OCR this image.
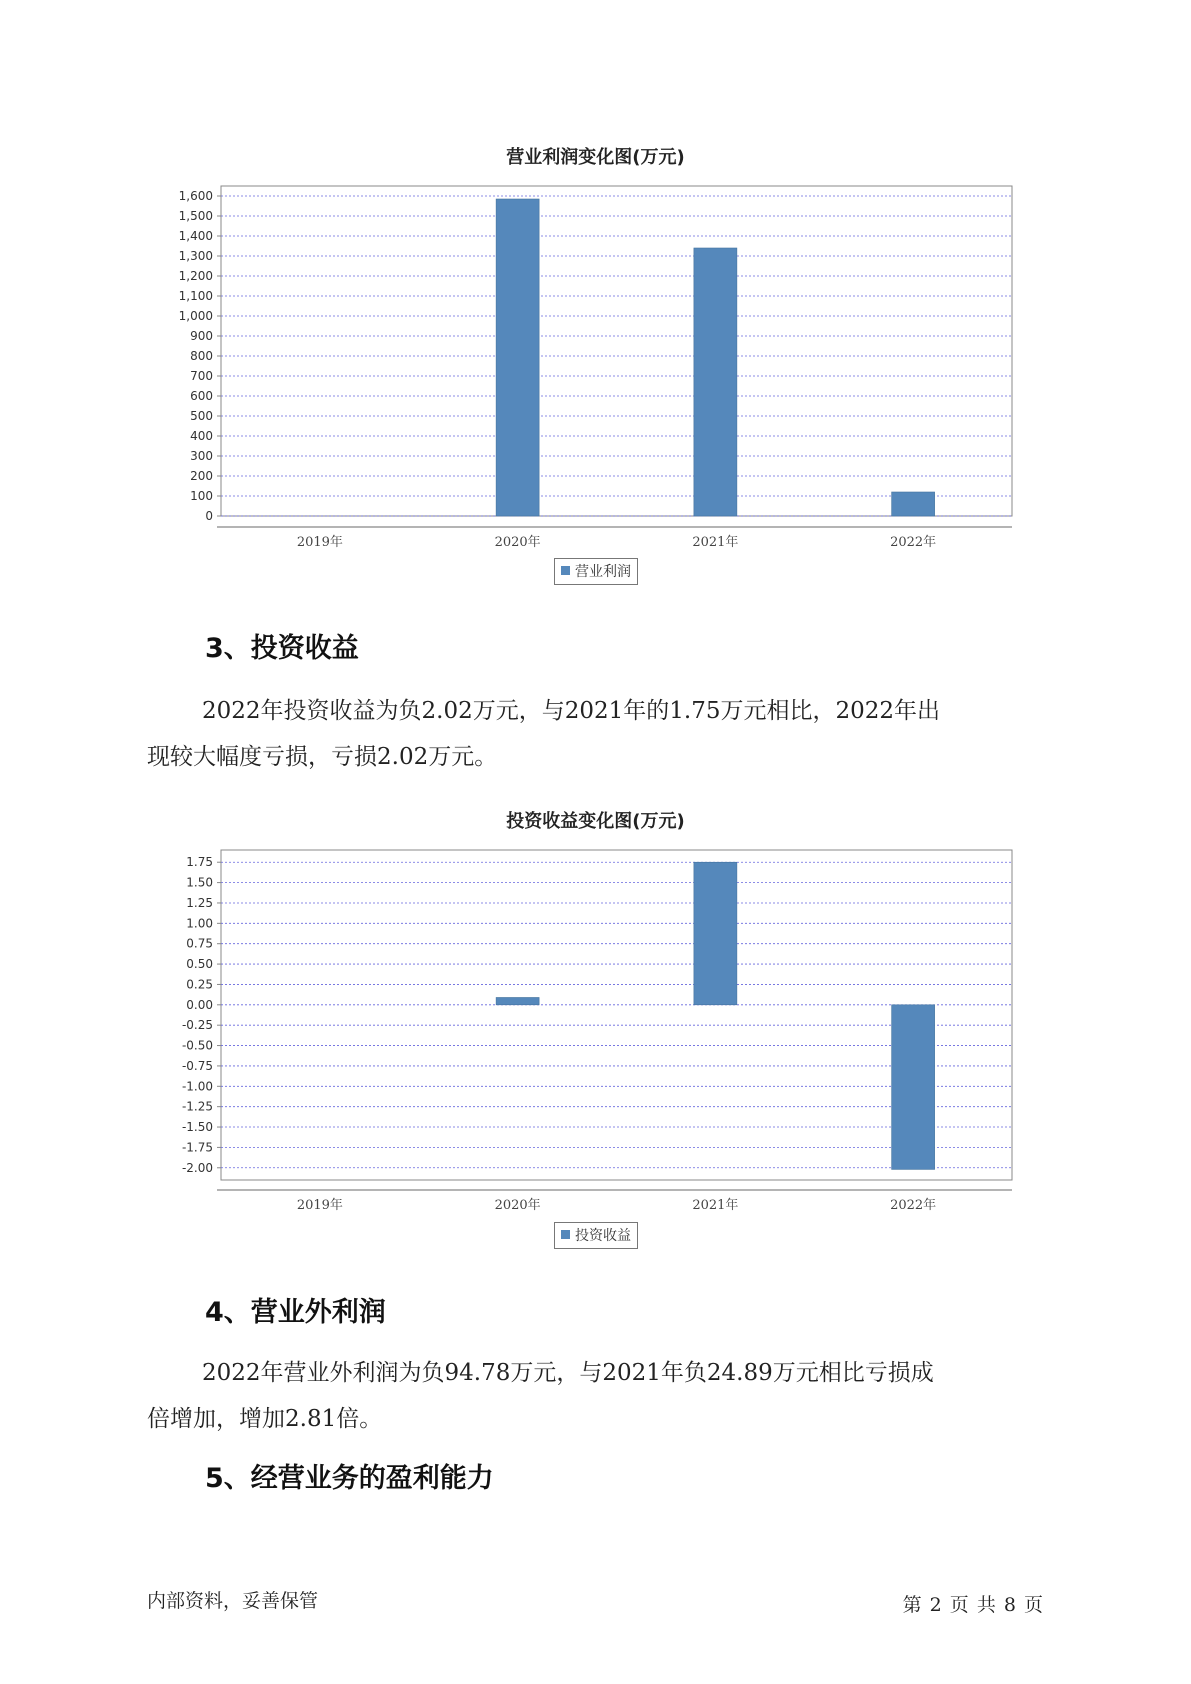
营业利润变化图(万元)
0
100
200
300
400
500
600
700
800
900
1,000
1,100
1,200
1,300
1,400
1,500
1,600
2019年	2020年	2021年	2022年
营业利润
3、投资收益
2022年投资收益为负2.02万元，与2021年的1.75万元相比，2022年出
现较大幅度亏损，亏损2.02万元。
投资收益变化图(万元)
-2.00
-1.75
-1.50
-1.25
-1.00
-0.75
-0.50
-0.25
0.00
0.25
0.50
0.75
1.00
1.25
1.50
1.75
2019年	2020年	2021年	2022年
投资收益
4、营业外利润
2022年营业外利润为负94.78万元，与2021年负24.89万元相比亏损成
倍增加，增加2.81倍。
5、经营业务的盈利能力
内部资料，妥善保管	第 2 页 共 8 页
